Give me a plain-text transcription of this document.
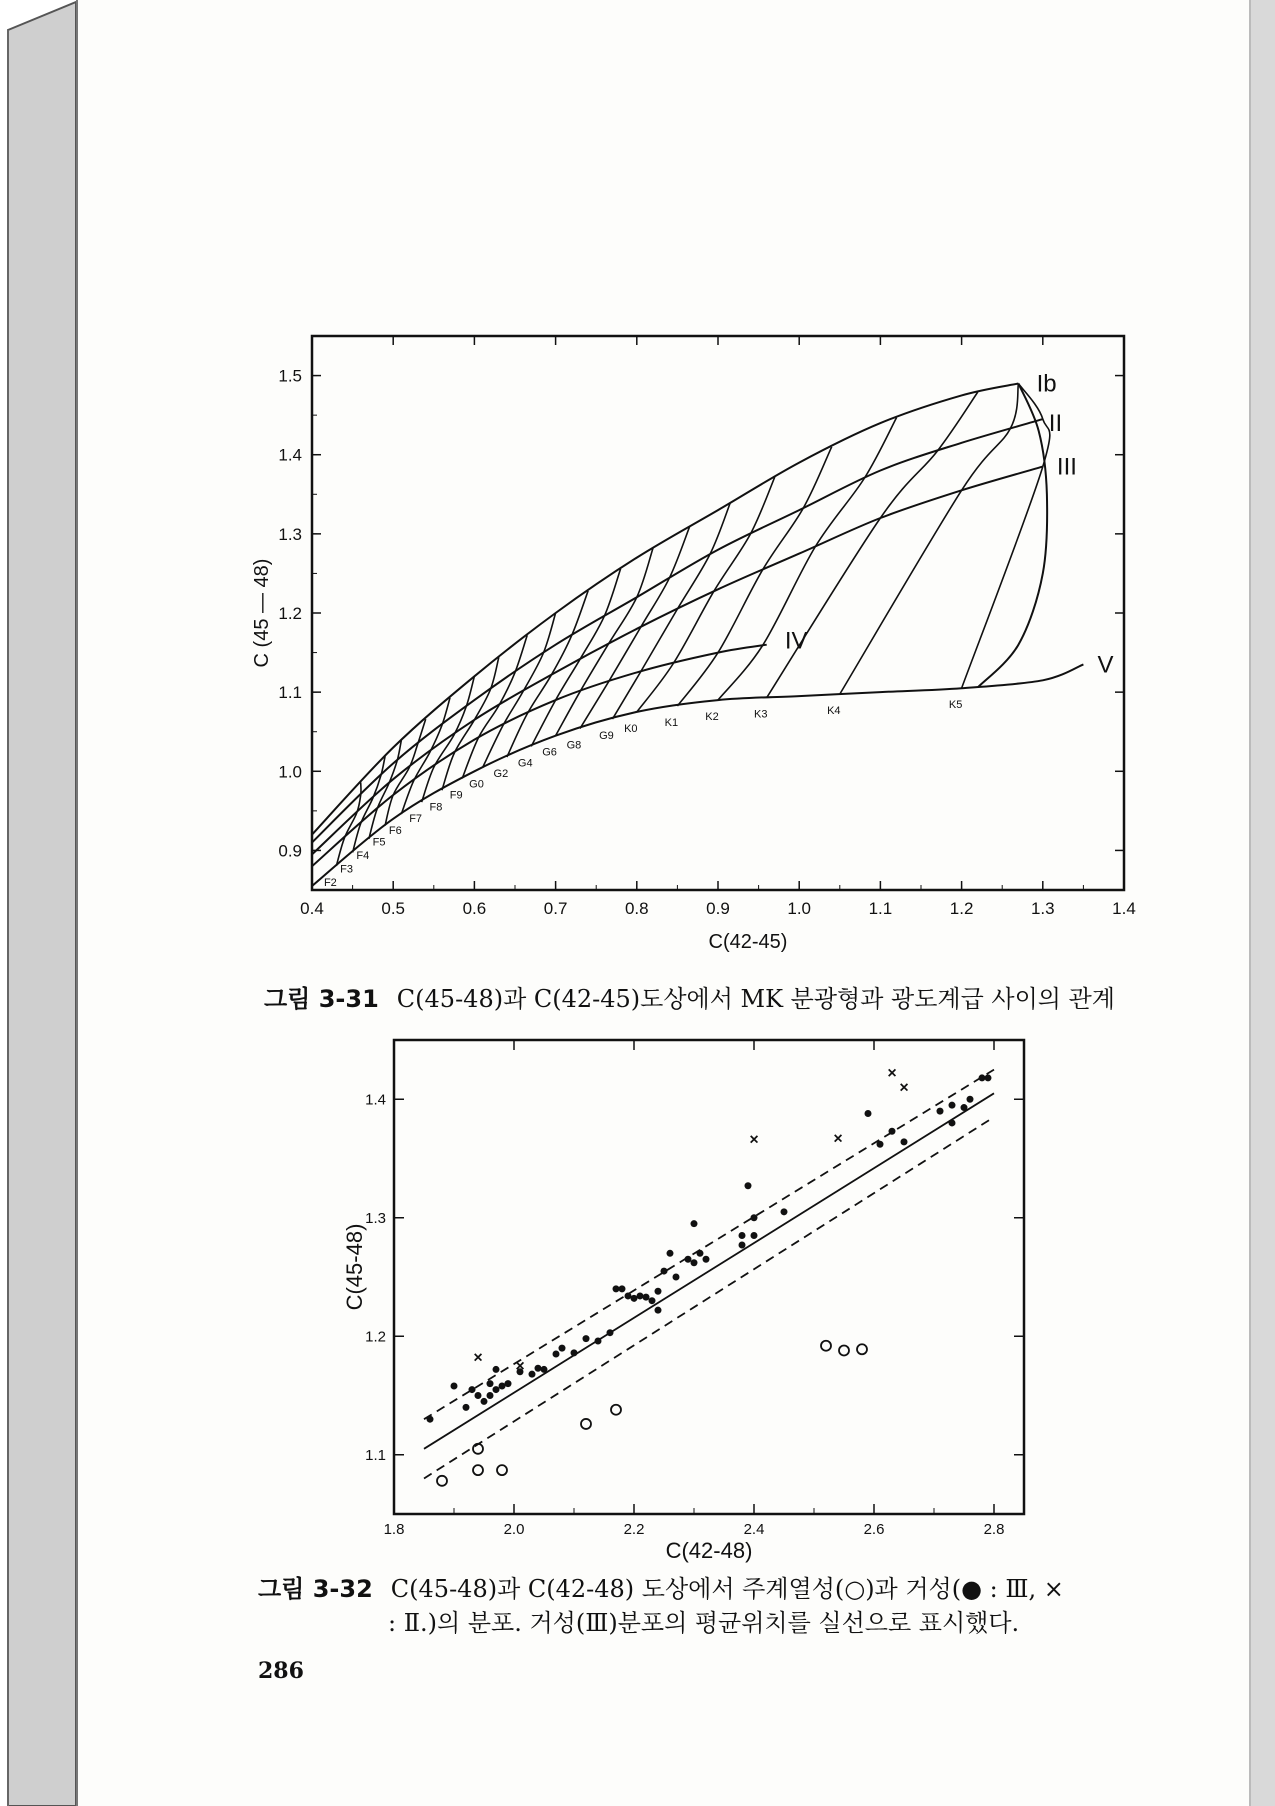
0.4	0.5	0.6	0.7	0.8	0.9	1.0	1.1	1.2	1.3	1.4
0.9
1.0
1.1
1.2
1.3
1.4
1.5
C(42-45)
C (45 — 48)
F2
F3
F4
F5
F6
F7
F8
F9
G0
G2
G4
G6
G8
G9
K0 K1 K2	K3	K4	K5
Ib
II
III
IV
V
그림 3-31 C(45-48)과 C(42-45)도상에서 MK 분광형과 광도계급 사이의 관계
1.8	2.0	2.2	2.4	2.6	2.8
1.1
1.2
1.3
1.4
C(42-48)
C(45-48)
× ×
×	×
×
×
그림 3-32 C(45-48)과 C(42-48) 도상에서 주계열성(○)과 거성(● : Ⅲ, ×
: Ⅱ.)의 분포. 거성(Ⅲ)분포의 평균위치를 실선으로 표시했다.
286
